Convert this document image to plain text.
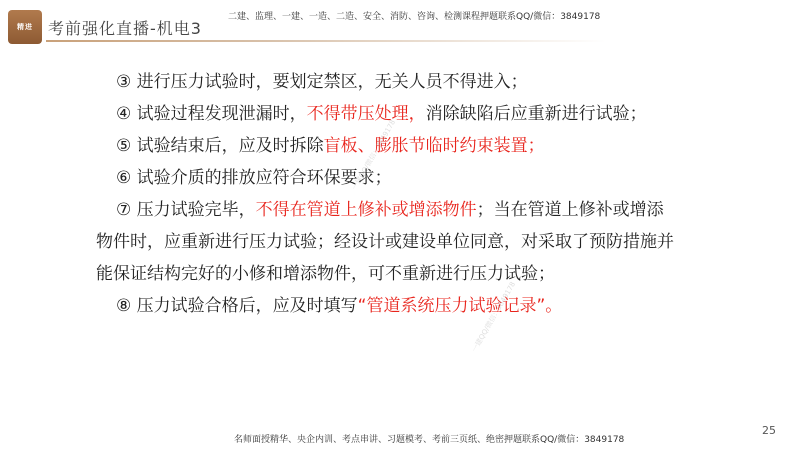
精进 考前强化直播-机电3
二建、监理、一建、一造、二造、安全、消防、咨询、检测课程押题联系QQ/微信：3849178

③ 进行压力试验时，要划定禁区，无关人员不得进入；

④ 试验过程发现泄漏时，不得带压处理，消除缺陷后应重新进行试验；

⑤ 试验结束后，应及时拆除盲板、膨胀节临时约束装置；

⑥ 试验介质的排放应符合环保要求；

⑦ 压力试验完毕，不得在管道上修补或增添物件；当在管道上修补或增添物件时，应重新进行压力试验；经设计或建设单位同意，对采取了预防措施并能保证结构完好的小修和增添物件，可不重新进行压力试验；

⑧ 压力试验合格后，应及时填写“管道系统压力试验记录”。

一建QQ/微信：3849178
一建QQ/微信：3849178
25
名师面授精华、央企内训、考点串讲、习题模考、考前三页纸、绝密押题联系QQ/微信：3849178
